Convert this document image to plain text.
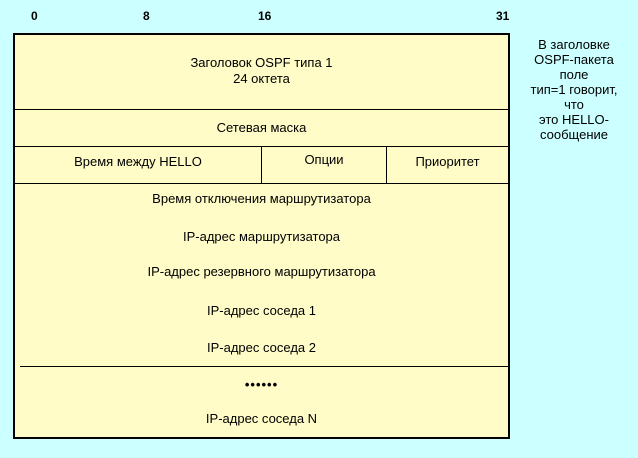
0	8	16	31
Заголовок OSPF типа 1
24 октета
Сетевая маска
Время между HELLO	Опции	Приоритет
Время отключения маршрутизатора
IP-адрес маршрутизатора
IP-адрес резервного маршрутизатора
IP-адрес соседа 1
IP-адрес соседа 2
••••••
IP-адрес соседа N
В заголовке
OSPF-пакета
поле
тип=1 говорит,
что
это HELLO-
сообщение
